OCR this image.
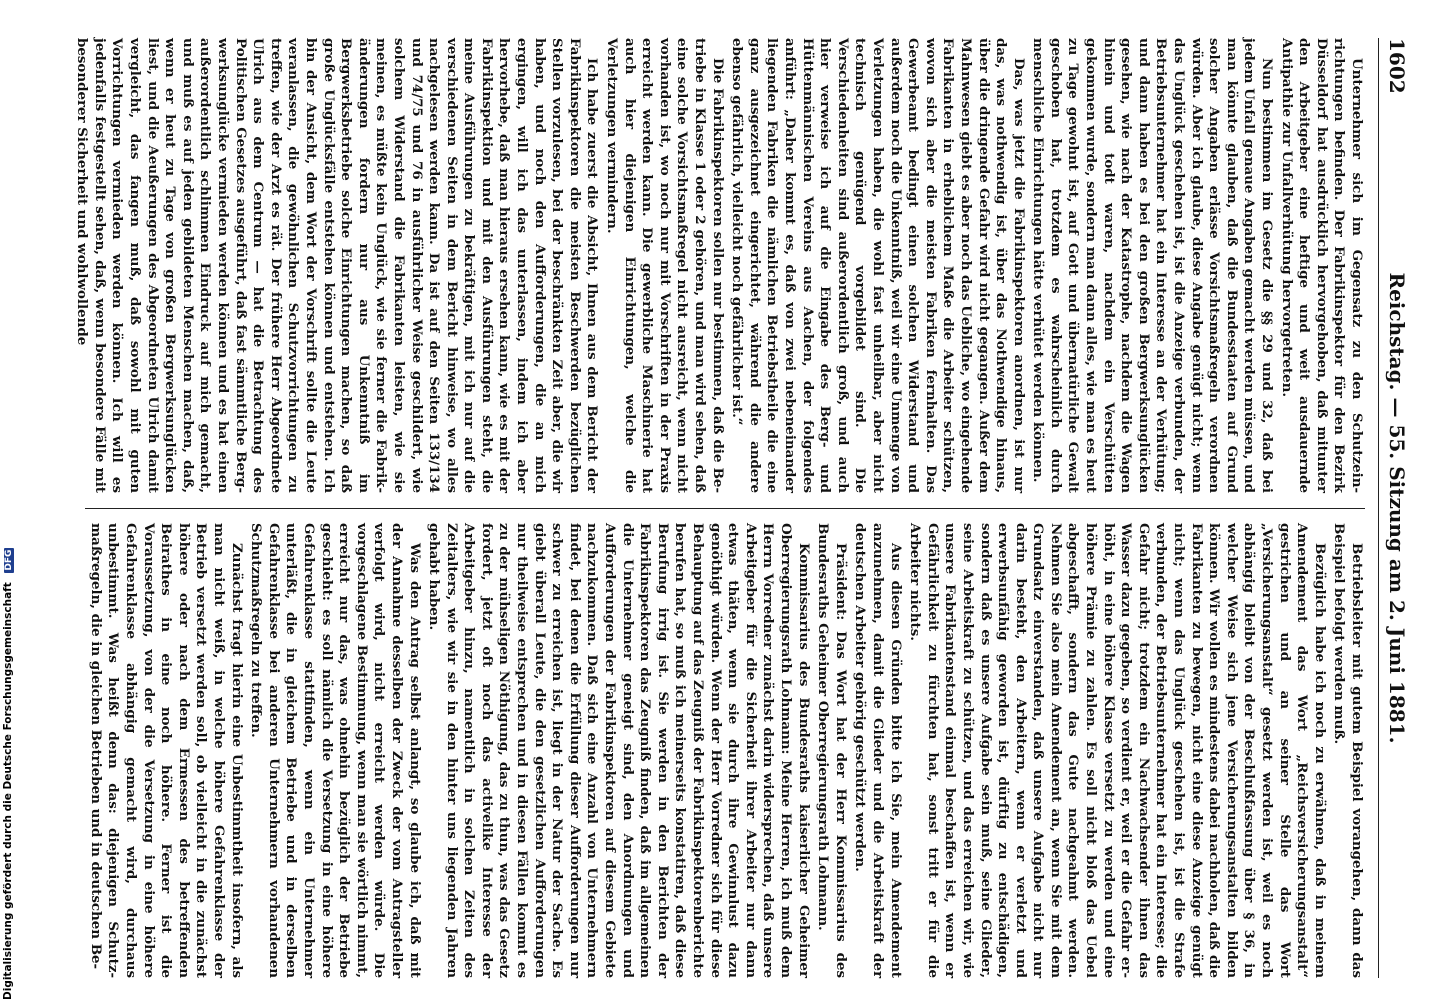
1602
Reichstag. — 55. Sitzung am 2. Juni 1881.

Unternehmer sich im Gegensatz zu den Schutzeinrichtungen befinden. Der Fabrikinspektor für den Bezirk Düsseldorf hat ausdrücklich hervorgehoben, daß mitunter den Arbeitgeber eine heftige und weit ausdauernde Antipathie zur Unfallverhütung hervorgetreten.

Nun bestimmen im Gesetz die §§ 29 und 32, daß bei jedem Unfall genaue Angaben gemacht werden müssen, und man könnte glauben, daß die Bundesstaaten auf Grund solcher Angaben erlässe Vorsichtsmaßregeln verordnen würden. Aber ich glaube, diese Angabe genügt nicht; wenn das Unglück geschehen ist, ist die Anzeige verbunden, der Betriebsunternehmer hat ein Interesse an der Verhütung; und dann haben es bei den großen Bergwerksunglücken gesehen, wie nach der Katastrophe, nachdem die Wagen hinein und todt waren, nachdem ein Verschütten gekommen wurde, sondern man dann alles, wie man es heut zu Tage gewohnt ist, auf Gott und übernatürliche Gewalt geschoben hat, trotzdem es wahrscheinlich durch menschliche Einrichtungen hätte verhütet werden können.

Das, was jetzt die Fabrikinspektoren anordnen, ist nur das, was nothwendig ist, über das Nothwendige hinaus, über die dringende Gefahr wird nicht gegangen. Außer dem Mahnwesen giebt es aber noch das Uebliche, wo eingehende Fabrikanten in erheblichem Maße die Arbeiter schützen, wovon sich aber die meisten Fabriken fernhalten. Das Gewerbeamt bedingt einen solchen Widerstand und außerdem noch die Unkenntniß, weil wir eine Unmenge von Verletzungen haben, die wohl fast unheilbar, aber nicht technisch genügend vorgebildet sind. Die Verschiedenheiten sind außerordentlich groß, und auch hier verweise ich auf die Eingabe des Berg- und Hüttenmännischen Vereins aus Aachen, der folgendes anführt: „Daher kommt es, daß von zwei nebeneinander liegenden Fabriken die nämlichen Betriebstheile die eine ganz ausgezeichnet eingerichtet, während die andere ebenso gefährlich, vielleicht noch gefährlicher ist.“

Die Fabrikinspektoren sollen nur bestimmen, daß die Betriebe in Klasse 1 oder 2 gehören, und man wird sehen, daß eine solche Vorsichtsmaßregel nicht ausreicht, wenn nicht vorhanden ist, wo noch nur mit Vorschriften in der Praxis erreicht werden kann. Die gewerbliche Maschinerie hat auch hier diejenigen Einrichtungen, welche die Verletzungen vermindern.

Ich habe zuerst die Absicht, Ihnen aus dem Bericht der Fabrikinspektoren die meisten Beschwerden bezüglichen Stellen vorzulesen, bei der beschränkten Zeit aber, die wir haben, und noch den Aufforderungen, die an mich ergingen, will ich das unterlassen, indem ich aber hervorhebe, daß man hieraus ersehen kann, wie es mit der Fabrikinspektion und mit den Ausführungen steht, die meine Ausführungen zu bekräftigen, mit ich nur auf die verschiedenen Seiten in dem Bericht hinweise, wo alles nachgelesen werden kann. Da ist auf den Seiten 133/134 und 74/75 und 76 in ausführlicher Weise geschildert, wie solchem Widerstand die Fabrikanten leisten, wie sie meinen, es müßte kein Unglück, wie sie ferner die Fabrikänderungen fordern nur aus Unkenntniß im Bergwerksbetriebe solche Einrichtungen machen, so daß große Unglücksfälle entstehen können und entstehen. Ich bin der Ansicht, dem Wort der Vorschrift sollte die Leute veranlassen, die gewöhnlichen Schutzvorrichtungen zu treffen, wie der Arzt es rät. Der frühere Herr Abgeordnete Ulrich aus dem Centrum — hat die Betrachtung des Politischen Gesetzes ausgeführt, daß fast sämmtliche Bergwerksunglücke vermieden werden können und es hat einen außerordentlich schlimmen Eindruck auf mich gemacht, und muß es auf jeden gebildeten Menschen machen, daß, wenn er heut zu Tage von großen Bergwerksunglücken liest, und die Aeußerungen des Abgeordneten Ulrich damit vergleicht, das fangen muß, daß sowohl mit guten Vorrichtungen vermieden werden können. Ich will es jedenfalls festgestellt sehen, daß, wenn besondere Fälle mit besonderer Sicherheit und wohlwollende

Betriebsleiter mit gutem Beispiel vorangehen, dann das Beispiel befolgt werden muß.

Bezüglich habe ich noch zu erwähnen, daß in meinem Amendement das Wort „Reichsversicherungsanstalt“ gestrichen und an seiner Stelle das Wort „Versicherungsanstalt“ gesetzt werden ist, weil es noch abhängig bleibt von der Beschlußfassung über § 36, in welcher Weise sich jene Versicherungsanstalten bilden können. Wir wollen es mindestens dabei nachholen, daß die Fabrikanten zu bewegen, nicht eine diese Anzeige genügt nicht; wenn das Unglück geschehen ist, ist die Strafe verbunden, der Betriebsunternehmer hat ein Interesse; die Gefahr nicht; trotzdem ein Nachwachsender ihnen das Wasser dazu gegeben, so verdient er, weil er die Gefahr erhöht, in eine höhere Klasse versetzt zu werden und eine höhere Prämie zu zahlen. Es soll nicht bloß das Uebel abgeschafft, sondern das Gute nachgeahmt werden. Nehmen Sie also mein Amendement an, wenn Sie mit dem Grundsatz einverstanden, daß unsere Aufgabe nicht nur darin besteht, den Arbeitern, wenn er verletzt und erwerbsunfähig geworden ist, dürftig zu entschädigen, sondern daß es unsere Aufgabe sein muß, seine Glieder, seine Arbeitskraft zu schützen, und das erreichen wir, wie unsere Fabrikantenstand einmal beschaffen ist, wenn er Gefährlichkeit zu fürchten hat, sonst tritt er für die Arbeiter nichts.

Aus diesen Gründen bitte ich Sie, mein Amendement anzunehmen, damit die Glieder und die Arbeitskraft der deutschen Arbeiter gehörig geschützt werden.

Präsident: Das Wort hat der Herr Kommissarius des Bundesraths Geheimer Oberregierungsrath Lohmann.

Kommissarius des Bundesraths kaiserlicher Geheimer Oberregierungsrath Lohmann: Meine Herren, ich muß dem Herrn Vorredner zunächst darin widersprechen, daß unsere Arbeitgeber für die Sicherheit ihrer Arbeiter nur dann etwas thäten, wenn sie durch ihre Gewinnlust dazu genöthigt würden. Wenn der Herr Vorredner sich für diese Behauptung auf das Zeugniß der Fabrikinspektorenberichte berufen hat, so muß ich meinerseits konstatiren, daß diese Berufung irrig ist. Sie werden in den Berichten der Fabrikinspektoren das Zeugniß finden, daß im allgemeinen die Unternehmer geneigt sind, den Anordnungen und Aufforderungen der Fabrikinspektoren auf diesem Gebiete nachzukommen. Daß sich eine Anzahl von Unternehmern findet, bei denen die Erfüllung dieser Aufforderungen nur schwer zu erreichen ist, liegt in der Natur der Sache. Es giebt überall Leute, die den gesetzlichen Aufforderungen nur theilweise entsprechen und in diesen Fällen kommt es zu der mühseligen Nöthigung, das zu thun, was das Gesetz fordert, jetzt oft noch das activelike Interesse der Arbeitgeber hinzu, namentlich in solchen Zeiten des Zeitalters, wie wir sie in den hinter uns liegenden Jahren gehabt haben.

Was den Antrag selbst anlangt, so glaube ich, daß mit der Annahme desselben der Zweck der vom Antragsteller verfolgt wird, nicht erreicht werden würde. Die vorgeschlagene Bestimmung, wenn man sie wörtlich nimmt, erreicht nur das, was ohnehin bezüglich der Betriebe geschieht: es soll nämlich die Versetzung in eine höhere Gefahrenklasse stattfinden, wenn ein Unternehmer unterläßt, die in gleichem Betriebe und in derselben Gefahrenklasse bei anderen Unternehmern vorhandenen Schutzmaßregeln zu treffen.

Zunächst fragt hierin eine Unbestimmtheit insofern, als man nicht weiß, in welche höhere Gefahrenklasse der Betrieb versetzt werden soll, ob vielleicht in die zunächst höhere oder nach dem Ermessen des betreffenden Beirathes in eine noch höhere. Ferner ist die Voraussetzung, von der die Versetzung in eine höhere Gefahrenklasse abhängig gemacht wird, durchaus unbestimmt. Was heißt denn das: diejenigen Schutzmaßregeln, die in gleichen Betrieben und in deutschen Be-

Digitalisierung gefördert durch die Deutsche Forschungsgemeinschaft DFG
